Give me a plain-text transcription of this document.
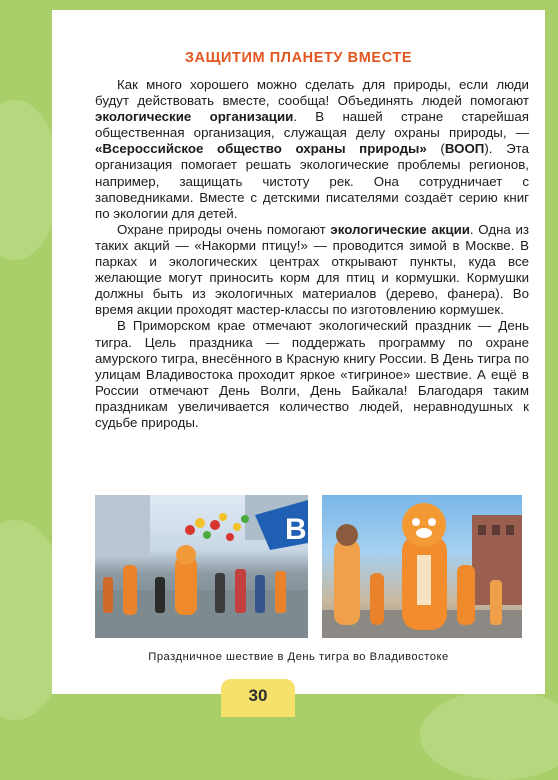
ЗАЩИТИМ ПЛАНЕТУ ВМЕСТЕ

Как много хорошего можно сделать для природы, если люди будут действовать вместе, сообща! Объединять людей помогают экологические организации. В нашей стране старейшая общественная организация, служащая делу охраны природы, — «Всероссийское общество охраны природы» (ВООП). Эта организация помогает решать экологические проблемы регионов, например, защищать чистоту рек. Она сотрудничает с заповедниками. Вместе с детскими писателями создаёт серию книг по экологии для детей.

Охране природы очень помогают экологические акции. Одна из таких акций — «Накорми птицу!» — проводится зимой в Москве. В парках и экологических центрах открывают пункты, куда все желающие могут приносить корм для птиц и кормушки. Кормушки должны быть из экологичных материалов (дерево, фанера). Во время акции проходят мастер-классы по изготовлению кормушек.

В Приморском крае отмечают экологический праздник — День тигра. Цель праздника — поддержать программу по охране амурского тигра, внесённого в Красную книгу России. В День тигра по улицам Владивостока проходит яркое «тигриное» шествие. А ещё в России отмечают День Волги, День Байкала! Благодаря таким праздникам увеличивается количество людей, неравнодушных к судьбе природы.

В
Праздничное шествие в День тигра во Владивостоке
30
